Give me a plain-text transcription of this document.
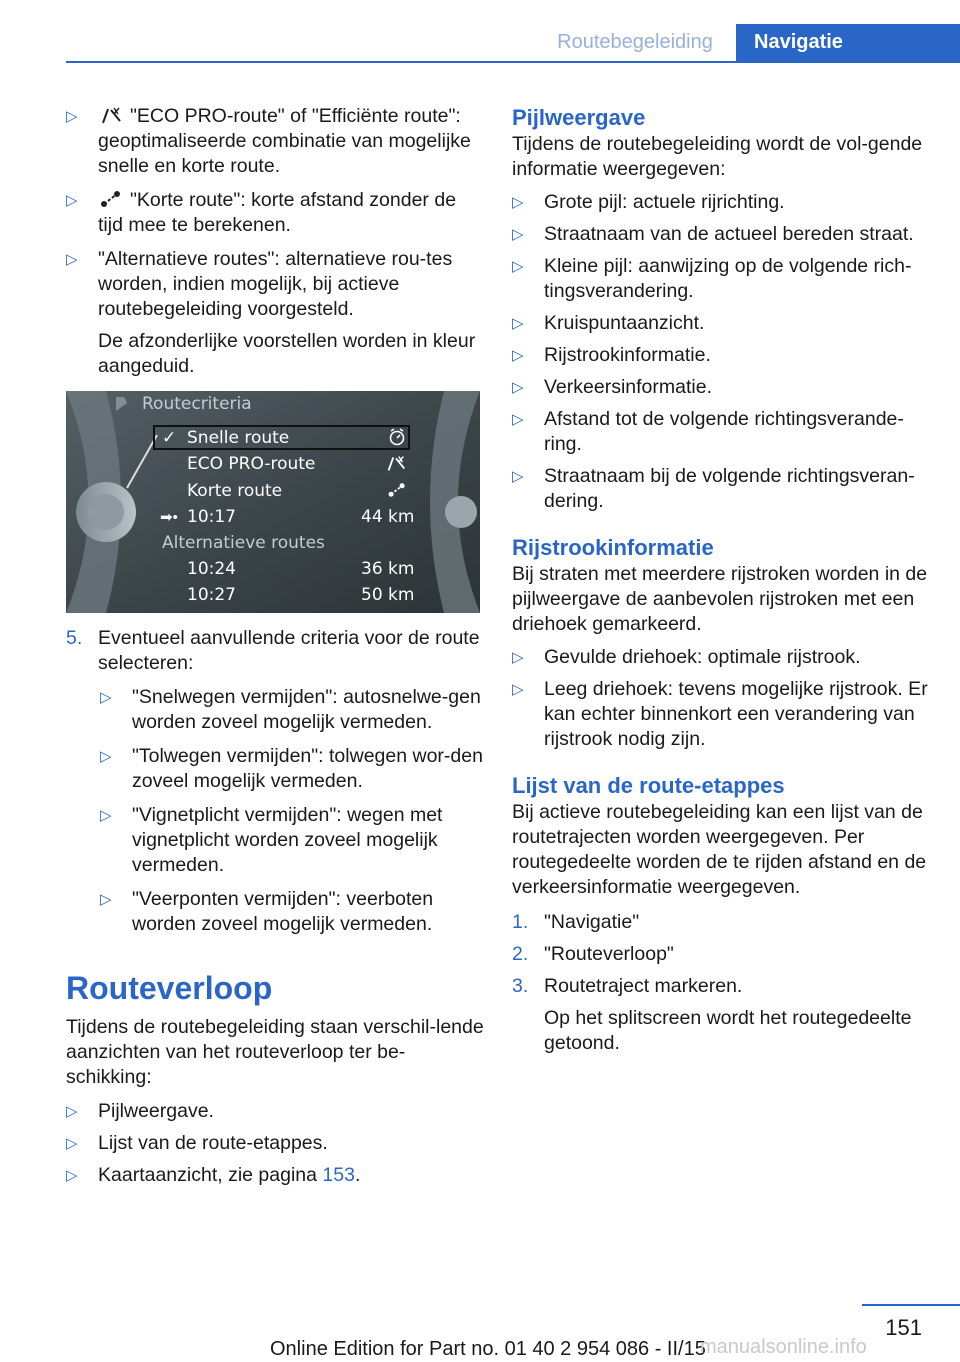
Routebegeleiding	Navigatie
▷	"ECO PRO-route" of "Efficiënte route": geoptimaliseerde combinatie van mogelijke snelle en korte route.
▷	"Korte route": korte afstand zonder de tijd mee te berekenen.
▷ "Alternatieve routes": alternatieve rou-tes worden, indien mogelijk, bij actieve routebegeleiding voorgesteld.
De afzonderlijke voorstellen worden in kleur aangeduid.
Routecriteria
✓ Snelle route
ECO PRO-route
Korte route
➡• 10:17	44 km
Alternatieve routes
10:24	36 km
10:27	50 km
5. Eventueel aanvullende criteria voor de route selecteren:
▷ "Snelwegen vermijden": autosnelwe-gen worden zoveel mogelijk vermeden.
▷ "Tolwegen vermijden": tolwegen wor-den zoveel mogelijk vermeden.
▷ "Vignetplicht vermijden": wegen met vignetplicht worden zoveel mogelijk vermeden.
▷ "Veerponten vermijden": veerboten worden zoveel mogelijk vermeden.
Routeverloop
Tijdens de routebegeleiding staan verschil-lende aanzichten van het routeverloop ter be-schikking:
▷ Pijlweergave.
▷ Lijst van de route-etappes.
▷ Kaartaanzicht, zie pagina 153.
Pijlweergave
Tijdens de routebegeleiding wordt de vol-gende informatie weergegeven:
▷ Grote pijl: actuele rijrichting.
▷ Straatnaam van de actueel bereden straat.
▷ Kleine pijl: aanwijzing op de volgende rich-tingsverandering.
▷ Kruispuntaanzicht.
▷ Rijstrookinformatie.
▷ Verkeersinformatie.
▷ Afstand tot de volgende richtingsverande-ring.
▷ Straatnaam bij de volgende richtingsveran-dering.
Rijstrookinformatie
Bij straten met meerdere rijstroken worden in de pijlweergave de aanbevolen rijstroken met een driehoek gemarkeerd.
▷ Gevulde driehoek: optimale rijstrook.
▷ Leeg driehoek: tevens mogelijke rijstrook. Er kan echter binnenkort een verandering van rijstrook nodig zijn.
Lijst van de route-etappes
Bij actieve routebegeleiding kan een lijst van de routetrajecten worden weergegeven. Per routegedeelte worden de te rijden afstand en de verkeersinformatie weergegeven.
1. "Navigatie"
2. "Routeverloop"
3. Routetraject markeren.
Op het splitscreen wordt het routegedeelte getoond.
151
Online Edition for Part no. 01 40 2 954 086 - II/15
manualsonline.info
